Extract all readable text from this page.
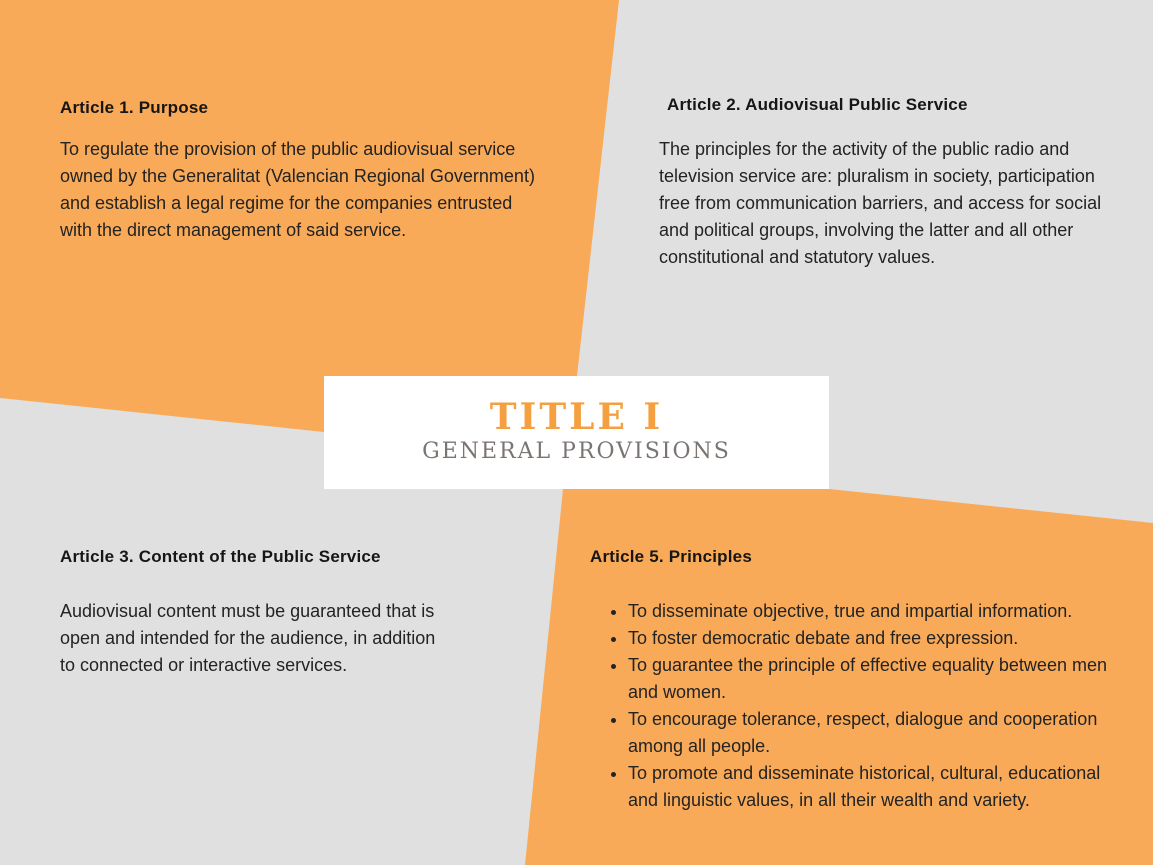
Article 1. Purpose

To regulate the provision of the public audiovisual service owned by the Generalitat (Valencian Regional Government) and establish a legal regime for the companies entrusted with the direct management of said service.

Article 2. Audiovisual Public Service

The principles for the activity of the public radio and television service are: pluralism in society, participation free from communication barriers, and access for social and political groups, involving the latter and all other constitutional and statutory values.

TITLE I
GENERAL PROVISIONS
Article 3. Content of the Public Service

Audiovisual content must be guaranteed that is open and intended for the audience, in addition to connected or interactive services.

Article 5. Principles
• To disseminate objective, true and impartial information.
• To foster democratic debate and free expression.
• To guarantee the principle of effective equality between men and women.
• To encourage tolerance, respect, dialogue and cooperation among all people.
• To promote and disseminate historical, cultural, educational and linguistic values, in all their wealth and variety.
